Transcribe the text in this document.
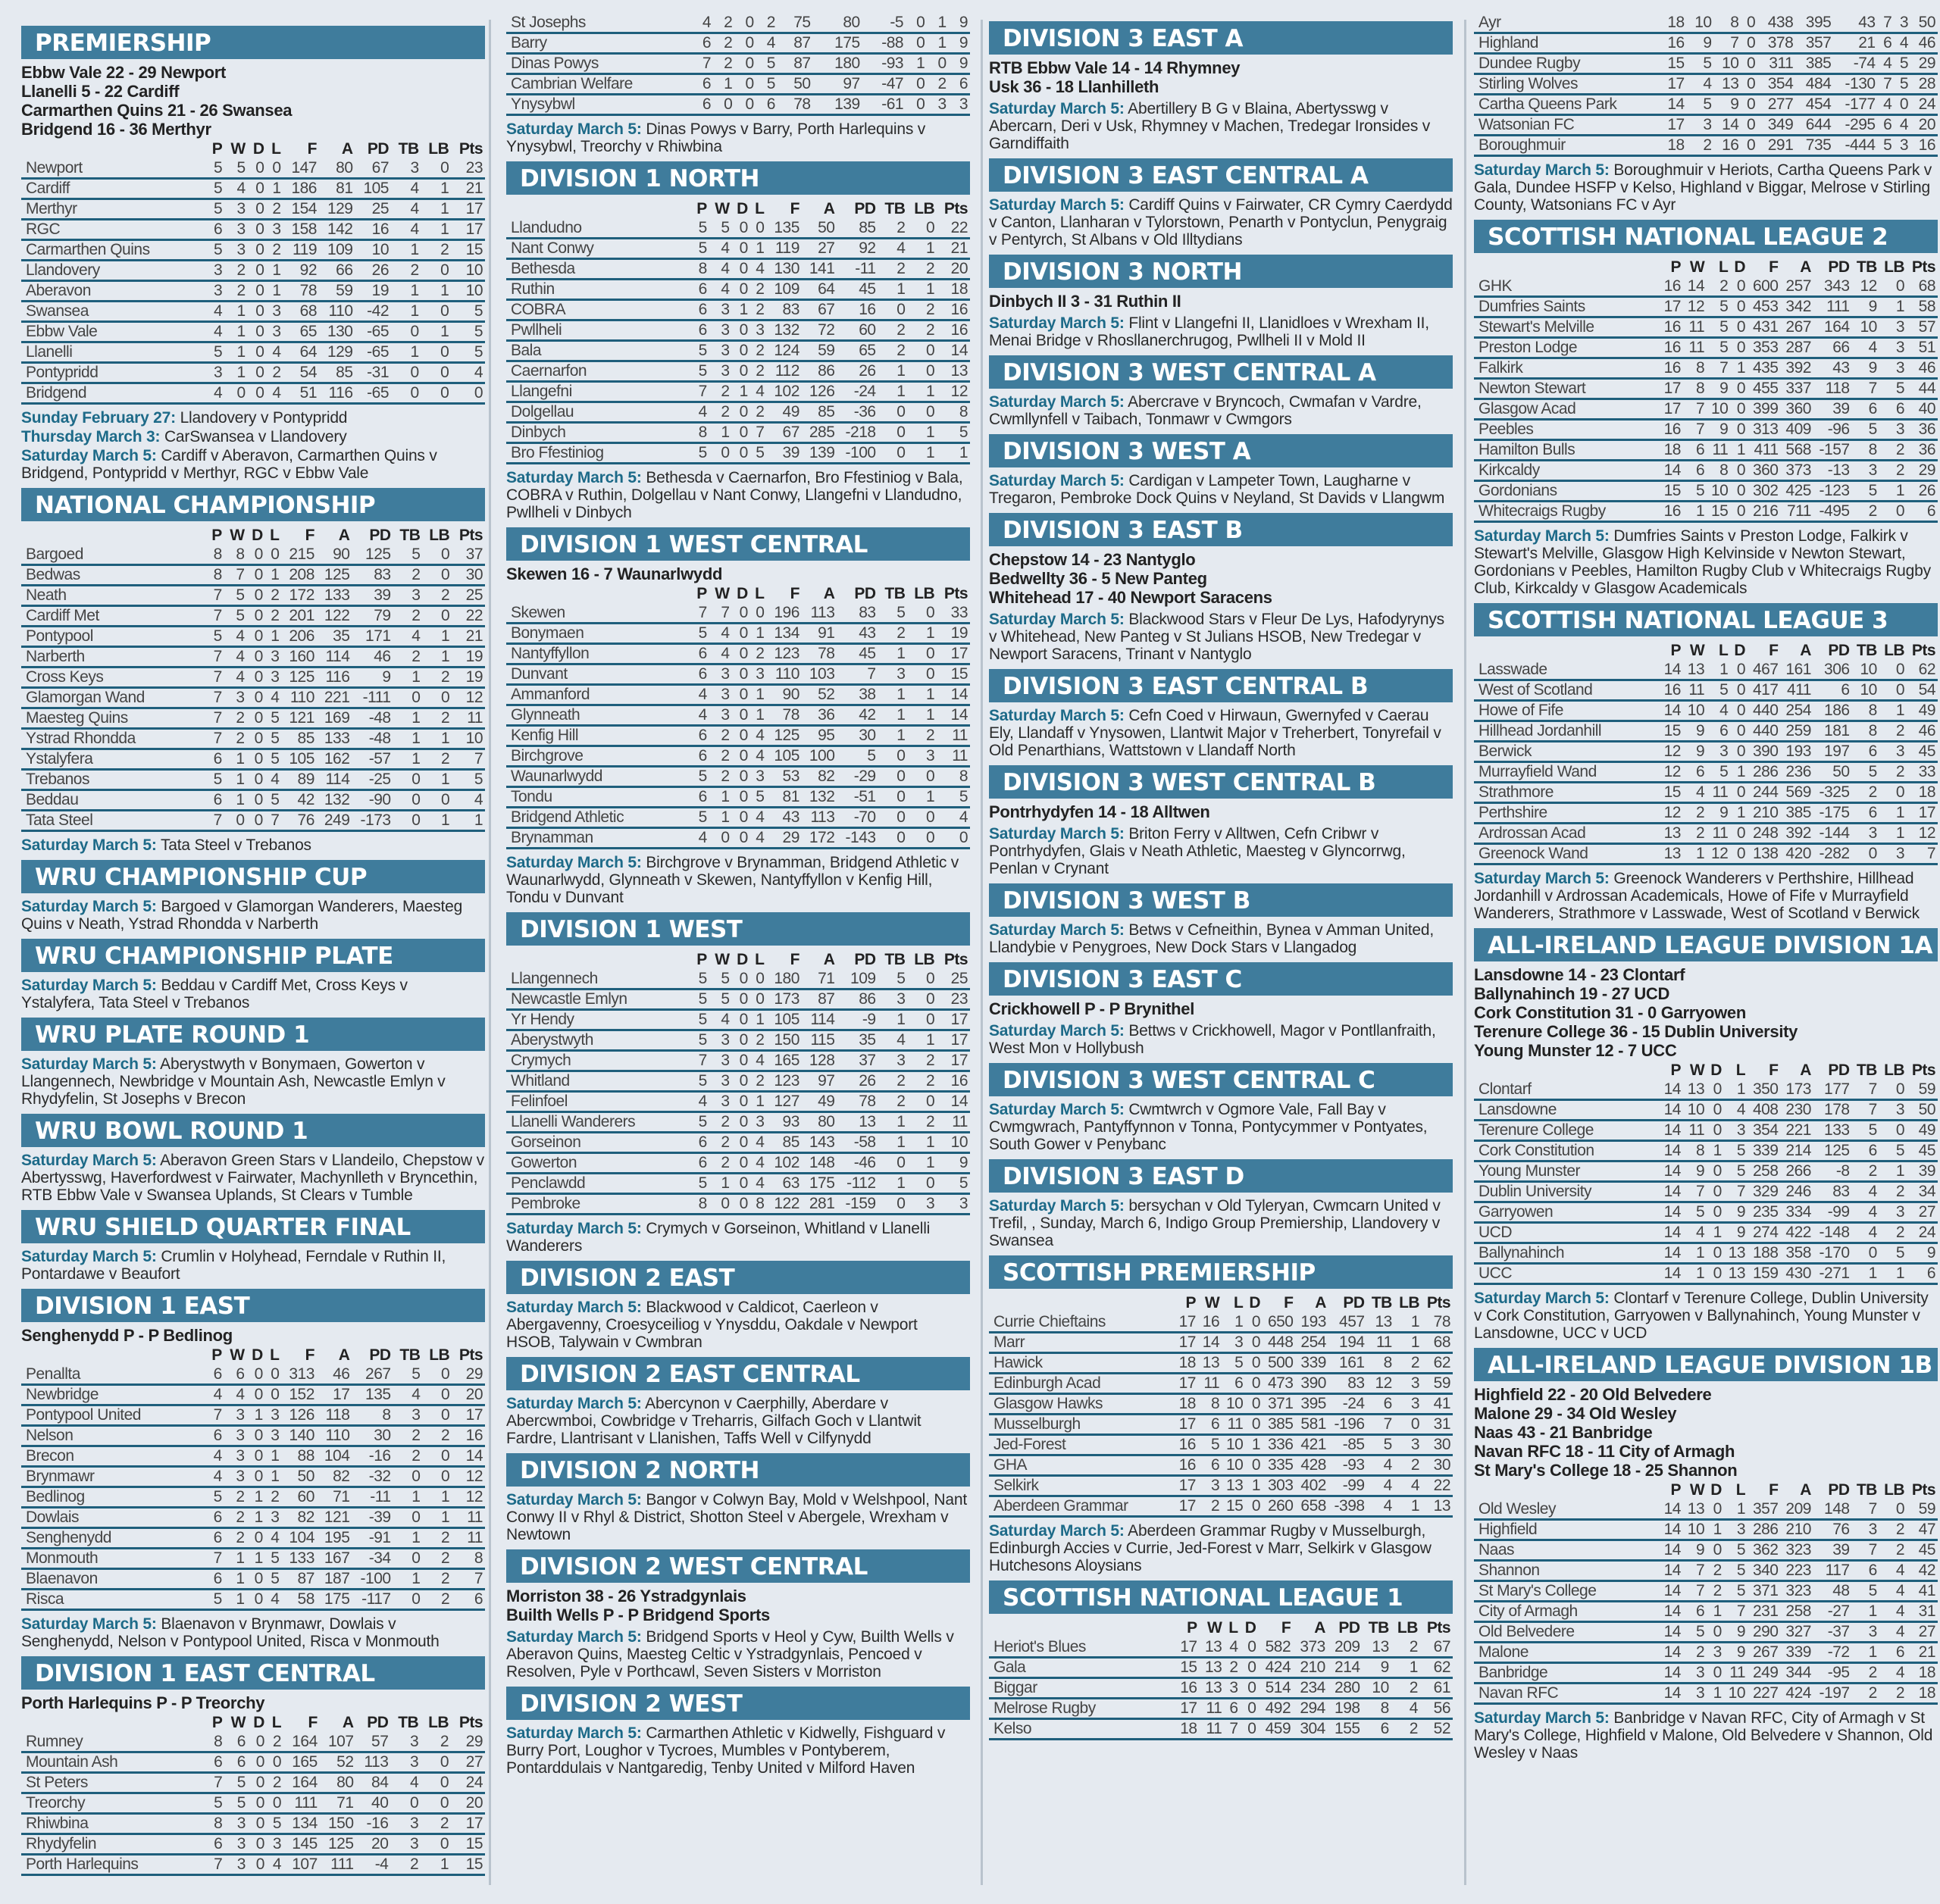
PREMIERSHIP
Ebbw Vale 22 - 29 Newport
Llanelli 5 - 22 Cardiff
Carmarthen Quins 21 - 26 Swansea
Bridgend 16 - 36 Merthyr
	P	W	D	L	F	A	PD	TB	LB	Pts
Newport	5	5	0	0	147	80	67	3	0	23
Cardiff	5	4	0	1	186	81	105	4	1	21
Merthyr	5	3	0	2	154	129	25	4	1	17
RGC	6	3	0	3	158	142	16	4	1	17
Carmarthen Quins	5	3	0	2	119	109	10	1	2	15
Llandovery	3	2	0	1	92	66	26	2	0	10
Aberavon	3	2	0	1	78	59	19	1	1	10
Swansea	4	1	0	3	68	110	-42	1	0	5
Ebbw Vale	4	1	0	3	65	130	-65	0	1	5
Llanelli	5	1	0	4	64	129	-65	1	0	5
Pontypridd	3	1	0	2	54	85	-31	0	0	4
Bridgend	4	0	0	4	51	116	-65	0	0	0
Sunday February 27: Llandovery v Pontypridd
Thursday March 3: CarSwansea v Llandovery
Saturday March 5: Cardiff v Aberavon, Carmarthen Quins v Bridgend, Pontypridd v Merthyr, RGC v Ebbw Vale
NATIONAL CHAMPIONSHIP
	P	W	D	L	F	A	PD	TB	LB	Pts
Bargoed	8	8	0	0	215	90	125	5	0	37
Bedwas	8	7	0	1	208	125	83	2	0	30
Neath	7	5	0	2	172	133	39	3	2	25
Cardiff Met	7	5	0	2	201	122	79	2	0	22
Pontypool	5	4	0	1	206	35	171	4	1	21
Narberth	7	4	0	3	160	114	46	2	1	19
Cross Keys	7	4	0	3	125	116	9	1	2	19
Glamorgan Wand	7	3	0	4	110	221	-111	0	0	12
Maesteg Quins	7	2	0	5	121	169	-48	1	2	11
Ystrad Rhondda	7	2	0	5	85	133	-48	1	1	10
Ystalyfera	6	1	0	5	105	162	-57	1	2	7
Trebanos	5	1	0	4	89	114	-25	0	1	5
Beddau	6	1	0	5	42	132	-90	0	0	4
Tata Steel	7	0	0	7	76	249	-173	0	1	1
Saturday March 5: Tata Steel v Trebanos
WRU CHAMPIONSHIP CUP
Saturday March 5: Bargoed v Glamorgan Wanderers, Maesteg Quins v Neath, Ystrad Rhondda v Narberth
WRU CHAMPIONSHIP PLATE
Saturday March 5: Beddau v Cardiff Met, Cross Keys v Ystalyfera, Tata Steel v Trebanos
WRU PLATE ROUND 1
Saturday March 5: Aberystwyth v Bonymaen, Gowerton v Llangennech, Newbridge v Mountain Ash, Newcastle Emlyn v Rhydyfelin, St Josephs v Brecon
WRU BOWL ROUND 1
Saturday March 5: Aberavon Green Stars v Llandeilo, Chepstow v Abertysswg, Haverfordwest v Fairwater, Machynlleth v Bryncethin, RTB Ebbw Vale v Swansea Uplands, St Clears v Tumble
WRU SHIELD QUARTER FINAL
Saturday March 5: Crumlin v Holyhead, Ferndale v Ruthin II, Pontardawe v Beaufort
DIVISION 1 EAST
Senghenydd P - P Bedlinog
	P	W	D	L	F	A	PD	TB	LB	Pts
Penallta	6	6	0	0	313	46	267	5	0	29
Newbridge	4	4	0	0	152	17	135	4	0	20
Pontypool United	7	3	1	3	126	118	8	3	0	17
Nelson	6	3	0	3	140	110	30	2	2	16
Brecon	4	3	0	1	88	104	-16	2	0	14
Brynmawr	4	3	0	1	50	82	-32	0	0	12
Bedlinog	5	2	1	2	60	71	-11	1	1	12
Dowlais	6	2	1	3	82	121	-39	0	1	11
Senghenydd	6	2	0	4	104	195	-91	1	2	11
Monmouth	7	1	1	5	133	167	-34	0	2	8
Blaenavon	6	1	0	5	87	187	-100	1	2	7
Risca	5	1	0	4	58	175	-117	0	2	6
Saturday March 5: Blaenavon v Brynmawr, Dowlais v Senghenydd, Nelson v Pontypool United, Risca v Monmouth
DIVISION 1 EAST CENTRAL
Porth Harlequins P - P Treorchy
	P	W	D	L	F	A	PD	TB	LB	Pts
Rumney	8	6	0	2	164	107	57	3	2	29
Mountain Ash	6	6	0	0	165	52	113	3	0	27
St Peters	7	5	0	2	164	80	84	4	0	24
Treorchy	5	5	0	0	111	71	40	0	0	20
Rhiwbina	8	3	0	5	134	150	-16	3	2	17
Rhydyfelin	6	3	0	3	145	125	20	3	0	15
Porth Harlequins	7	3	0	4	107	111	-4	2	1	15
St Josephs	4	2	0	2	75	80	-5	0	1	9
Barry	6	2	0	4	87	175	-88	0	1	9
Dinas Powys	7	2	0	5	87	180	-93	1	0	9
Cambrian Welfare	6	1	0	5	50	97	-47	0	2	6
Ynysybwl	6	0	0	6	78	139	-61	0	3	3
Saturday March 5: Dinas Powys v Barry, Porth Harlequins v Ynysybwl, Treorchy v Rhiwbina
DIVISION 1 NORTH
	P	W	D	L	F	A	PD	TB	LB	Pts
Llandudno	5	5	0	0	135	50	85	2	0	22
Nant Conwy	5	4	0	1	119	27	92	4	1	21
Bethesda	8	4	0	4	130	141	-11	2	2	20
Ruthin	6	4	0	2	109	64	45	1	1	18
COBRA	6	3	1	2	83	67	16	0	2	16
Pwllheli	6	3	0	3	132	72	60	2	2	16
Bala	5	3	0	2	124	59	65	2	0	14
Caernarfon	5	3	0	2	112	86	26	1	0	13
Llangefni	7	2	1	4	102	126	-24	1	1	12
Dolgellau	4	2	0	2	49	85	-36	0	0	8
Dinbych	8	1	0	7	67	285	-218	0	1	5
Bro Ffestiniog	5	0	0	5	39	139	-100	0	1	1
Saturday March 5: Bethesda v Caernarfon, Bro Ffestiniog v Bala, COBRA v Ruthin, Dolgellau v Nant Conwy, Llangefni v Llandudno, Pwllheli v Dinbych
DIVISION 1 WEST CENTRAL
Skewen 16 - 7 Waunarlwydd
	P	W	D	L	F	A	PD	TB	LB	Pts
Skewen	7	7	0	0	196	113	83	5	0	33
Bonymaen	5	4	0	1	134	91	43	2	1	19
Nantyffyllon	6	4	0	2	123	78	45	1	0	17
Dunvant	6	3	0	3	110	103	7	3	0	15
Ammanford	4	3	0	1	90	52	38	1	1	14
Glynneath	4	3	0	1	78	36	42	1	1	14
Kenfig Hill	6	2	0	4	125	95	30	1	2	11
Birchgrove	6	2	0	4	105	100	5	0	3	11
Waunarlwydd	5	2	0	3	53	82	-29	0	0	8
Tondu	6	1	0	5	81	132	-51	0	1	5
Bridgend Athletic	5	1	0	4	43	113	-70	0	0	4
Brynamman	4	0	0	4	29	172	-143	0	0	0
Saturday March 5: Birchgrove v Brynamman, Bridgend Athletic v Waunarlwydd, Glynneath v Skewen, Nantyffyllon v Kenfig Hill, Tondu v Dunvant
DIVISION 1 WEST
	P	W	D	L	F	A	PD	TB	LB	Pts
Llangennech	5	5	0	0	180	71	109	5	0	25
Newcastle Emlyn	5	5	0	0	173	87	86	3	0	23
Yr Hendy	5	4	0	1	105	114	-9	1	0	17
Aberystwyth	5	3	0	2	150	115	35	4	1	17
Crymych	7	3	0	4	165	128	37	3	2	17
Whitland	5	3	0	2	123	97	26	2	2	16
Felinfoel	4	3	0	1	127	49	78	2	0	14
Llanelli Wanderers	5	2	0	3	93	80	13	1	2	11
Gorseinon	6	2	0	4	85	143	-58	1	1	10
Gowerton	6	2	0	4	102	148	-46	0	1	9
Penclawdd	5	1	0	4	63	175	-112	1	0	5
Pembroke	8	0	0	8	122	281	-159	0	3	3
Saturday March 5: Crymych v Gorseinon, Whitland v Llanelli Wanderers
DIVISION 2 EAST
Saturday March 5: Blackwood v Caldicot, Caerleon v Abergavenny, Croesyceiliog v Ynysddu, Oakdale v Newport HSOB, Talywain v Cwmbran
DIVISION 2 EAST CENTRAL
Saturday March 5: Abercynon v Caerphilly, Aberdare v Abercwmboi, Cowbridge v Treharris, Gilfach Goch v Llantwit Fardre, Llantrisant v Llanishen, Taffs Well v Cilfynydd
DIVISION 2 NORTH
Saturday March 5: Bangor v Colwyn Bay, Mold v Welshpool, Nant Conwy II v Rhyl & District, Shotton Steel v Abergele, Wrexham v Newtown
DIVISION 2 WEST CENTRAL
Morriston 38 - 26 Ystradgynlais
Builth Wells P - P Bridgend Sports
Saturday March 5: Bridgend Sports v Heol y Cyw, Builth Wells v Aberavon Quins, Maesteg Celtic v Ystradgynlais, Pencoed v Resolven, Pyle v Porthcawl, Seven Sisters v Morriston
DIVISION 2 WEST
Saturday March 5: Carmarthen Athletic v Kidwelly, Fishguard v Burry Port, Loughor v Tycroes, Mumbles v Pontyberem, Pontarddulais v Nantgaredig, Tenby United v Milford Haven
DIVISION 3 EAST A
RTB Ebbw Vale 14 - 14 Rhymney
Usk 36 - 18 Llanhilleth
Saturday March 5: Abertillery B G v Blaina, Abertysswg v Abercarn, Deri v Usk, Rhymney v Machen, Tredegar Ironsides v Garndiffaith
DIVISION 3 EAST CENTRAL A
Saturday March 5: Cardiff Quins v Fairwater, CR Cymry Caerdydd v Canton, Llanharan v Tylorstown, Penarth v Pontyclun, Penygraig v Pentyrch, St Albans v Old Illtydians
DIVISION 3 NORTH
Dinbych II 3 - 31 Ruthin II
Saturday March 5: Flint v Llangefni II, Llanidloes v Wrexham II, Menai Bridge v Rhosllanerchrugog, Pwllheli II v Mold II
DIVISION 3 WEST CENTRAL A
Saturday March 5: Abercrave v Bryncoch, Cwmafan v Vardre, Cwmllynfell v Taibach, Tonmawr v Cwmgors
DIVISION 3 WEST A
Saturday March 5: Cardigan v Lampeter Town, Laugharne v Tregaron, Pembroke Dock Quins v Neyland, St Davids v Llangwm
DIVISION 3 EAST B
Chepstow 14 - 23 Nantyglo
Bedwellty 36 - 5 New Panteg
Whitehead 17 - 40 Newport Saracens
Saturday March 5: Blackwood Stars v Fleur De Lys, Hafodyrynys v Whitehead, New Panteg v St Julians HSOB, New Tredegar v Newport Saracens, Trinant v Nantyglo
DIVISION 3 EAST CENTRAL B
Saturday March 5: Cefn Coed v Hirwaun, Gwernyfed v Caerau Ely, Llandaff v Ynysowen, Llantwit Major v Treherbert, Tonyrefail v Old Penarthians, Wattstown v Llandaff North
DIVISION 3 WEST CENTRAL B
Pontrhydyfen 14 - 18 Alltwen
Saturday March 5: Briton Ferry v Alltwen, Cefn Cribwr v Pontrhydyfen, Glais v Neath Athletic, Maesteg v Glyncorrwg, Penlan v Crynant
DIVISION 3 WEST B
Saturday March 5: Betws v Cefneithin, Bynea v Amman United, Llandybie v Penygroes, New Dock Stars v Llangadog
DIVISION 3 EAST C
Crickhowell P - P Brynithel
Saturday March 5: Bettws v Crickhowell, Magor v Pontllanfraith, West Mon v Hollybush
DIVISION 3 WEST CENTRAL C
Saturday March 5: Cwmtwrch v Ogmore Vale, Fall Bay v Cwmgwrach, Pantyffynnon v Tonna, Pontycymmer v Pontyates, South Gower v Penybanc
DIVISION 3 EAST D
Saturday March 5: bersychan v Old Tyleryan, Cwmcarn United v Trefil, , Sunday, March 6, Indigo Group Premiership, Llandovery v Swansea
SCOTTISH PREMIERSHIP
	P	W	L	D	F	A	PD	TB	LB	Pts
Currie Chieftains	17	16	1	0	650	193	457	13	1	78
Marr	17	14	3	0	448	254	194	11	1	68
Hawick	18	13	5	0	500	339	161	8	2	62
Edinburgh Acad	17	11	6	0	473	390	83	12	3	59
Glasgow Hawks	18	8	10	0	371	395	-24	6	3	41
Musselburgh	17	6	11	0	385	581	-196	7	0	31
Jed-Forest	16	5	10	1	336	421	-85	5	3	30
GHA	16	6	10	0	335	428	-93	4	2	30
Selkirk	17	3	13	1	303	402	-99	4	4	22
Aberdeen Grammar	17	2	15	0	260	658	-398	4	1	13
Saturday March 5: Aberdeen Grammar Rugby v Musselburgh, Edinburgh Accies v Currie, Jed-Forest v Marr, Selkirk v Glasgow Hutchesons Aloysians
SCOTTISH NATIONAL LEAGUE 1
	P	W	L	D	F	A	PD	TB	LB	Pts
Heriot's Blues	17	13	4	0	582	373	209	13	2	67
Gala	15	13	2	0	424	210	214	9	1	62
Biggar	16	13	3	0	514	234	280	10	2	61
Melrose Rugby	17	11	6	0	492	294	198	8	4	56
Kelso	18	11	7	0	459	304	155	6	2	52
Ayr	18	10	8	0	438	395	43	7	3	50
Highland	16	9	7	0	378	357	21	6	4	46
Dundee Rugby	15	5	10	0	311	385	-74	4	5	29
Stirling Wolves	17	4	13	0	354	484	-130	7	5	28
Cartha Queens Park	14	5	9	0	277	454	-177	4	0	24
Watsonian FC	17	3	14	0	349	644	-295	6	4	20
Boroughmuir	18	2	16	0	291	735	-444	5	3	16
Saturday March 5: Boroughmuir v Heriots, Cartha Queens Park v Gala, Dundee HSFP v Kelso, Highland v Biggar, Melrose v Stirling County, Watsonians FC v Ayr
SCOTTISH NATIONAL LEAGUE 2
	P	W	L	D	F	A	PD	TB	LB	Pts
GHK	16	14	2	0	600	257	343	12	0	68
Dumfries Saints	17	12	5	0	453	342	111	9	1	58
Stewart's Melville	16	11	5	0	431	267	164	10	3	57
Preston Lodge	16	11	5	0	353	287	66	4	3	51
Falkirk	16	8	7	1	435	392	43	9	3	46
Newton Stewart	17	8	9	0	455	337	118	7	5	44
Glasgow Acad	17	7	10	0	399	360	39	6	6	40
Peebles	16	7	9	0	313	409	-96	5	3	36
Hamilton Bulls	18	6	11	1	411	568	-157	8	2	36
Kirkcaldy	14	6	8	0	360	373	-13	3	2	29
Gordonians	15	5	10	0	302	425	-123	5	1	26
Whitecraigs Rugby	16	1	15	0	216	711	-495	2	0	6
Saturday March 5: Dumfries Saints v Preston Lodge, Falkirk v Stewart's Melville, Glasgow High Kelvinside v Newton Stewart, Gordonians v Peebles, Hamilton Rugby Club v Whitecraigs Rugby Club, Kirkcaldy v Glasgow Academicals
SCOTTISH NATIONAL LEAGUE 3
	P	W	L	D	F	A	PD	TB	LB	Pts
Lasswade	14	13	1	0	467	161	306	10	0	62
West of Scotland	16	11	5	0	417	411	6	10	0	54
Howe of Fife	14	10	4	0	440	254	186	8	1	49
Hillhead Jordanhill	15	9	6	0	440	259	181	8	2	46
Berwick	12	9	3	0	390	193	197	6	3	45
Murrayfield Wand	12	6	5	1	286	236	50	5	2	33
Strathmore	15	4	11	0	244	569	-325	2	0	18
Perthshire	12	2	9	1	210	385	-175	6	1	17
Ardrossan Acad	13	2	11	0	248	392	-144	3	1	12
Greenock Wand	13	1	12	0	138	420	-282	0	3	7
Saturday March 5: Greenock Wanderers v Perthshire, Hillhead Jordanhill v Ardrossan Academicals, Howe of Fife v Murrayfield Wanderers, Strathmore v Lasswade, West of Scotland v Berwick
ALL-IRELAND LEAGUE DIVISION 1A
Lansdowne 14 - 23 Clontarf
Ballynahinch 19 - 27 UCD
Cork Constitution 31 - 0 Garryowen
Terenure College 36 - 15 Dublin University
Young Munster 12 - 7 UCC
	P	W	D	L	F	A	PD	TB	LB	Pts
Clontarf	14	13	0	1	350	173	177	7	0	59
Lansdowne	14	10	0	4	408	230	178	7	3	50
Terenure College	14	11	0	3	354	221	133	5	0	49
Cork Constitution	14	8	1	5	339	214	125	6	5	45
Young Munster	14	9	0	5	258	266	-8	2	1	39
Dublin University	14	7	0	7	329	246	83	4	2	34
Garryowen	14	5	0	9	235	334	-99	4	3	27
UCD	14	4	1	9	274	422	-148	4	2	24
Ballynahinch	14	1	0	13	188	358	-170	0	5	9
UCC	14	1	0	13	159	430	-271	1	1	6
Saturday March 5: Clontarf v Terenure College, Dublin University v Cork Constitution, Garryowen v Ballynahinch, Young Munster v Lansdowne, UCC v UCD
ALL-IRELAND LEAGUE DIVISION 1B
Highfield 22 - 20 Old Belvedere
Malone 29 - 34 Old Wesley
Naas 43 - 21 Banbridge
Navan RFC 18 - 11 City of Armagh
St Mary's College 18 - 25 Shannon
	P	W	D	L	F	A	PD	TB	LB	Pts
Old Wesley	14	13	0	1	357	209	148	7	0	59
Highfield	14	10	1	3	286	210	76	3	2	47
Naas	14	9	0	5	362	323	39	7	2	45
Shannon	14	7	2	5	340	223	117	6	4	42
St Mary's College	14	7	2	5	371	323	48	5	4	41
City of Armagh	14	6	1	7	231	258	-27	1	4	31
Old Belvedere	14	5	0	9	290	327	-37	3	4	27
Malone	14	2	3	9	267	339	-72	1	6	21
Banbridge	14	3	0	11	249	344	-95	2	4	18
Navan RFC	14	3	1	10	227	424	-197	2	2	18
Saturday March 5: Banbridge v Navan RFC, City of Armagh v St Mary's College, Highfield v Malone, Old Belvedere v Shannon, Old Wesley v Naas
